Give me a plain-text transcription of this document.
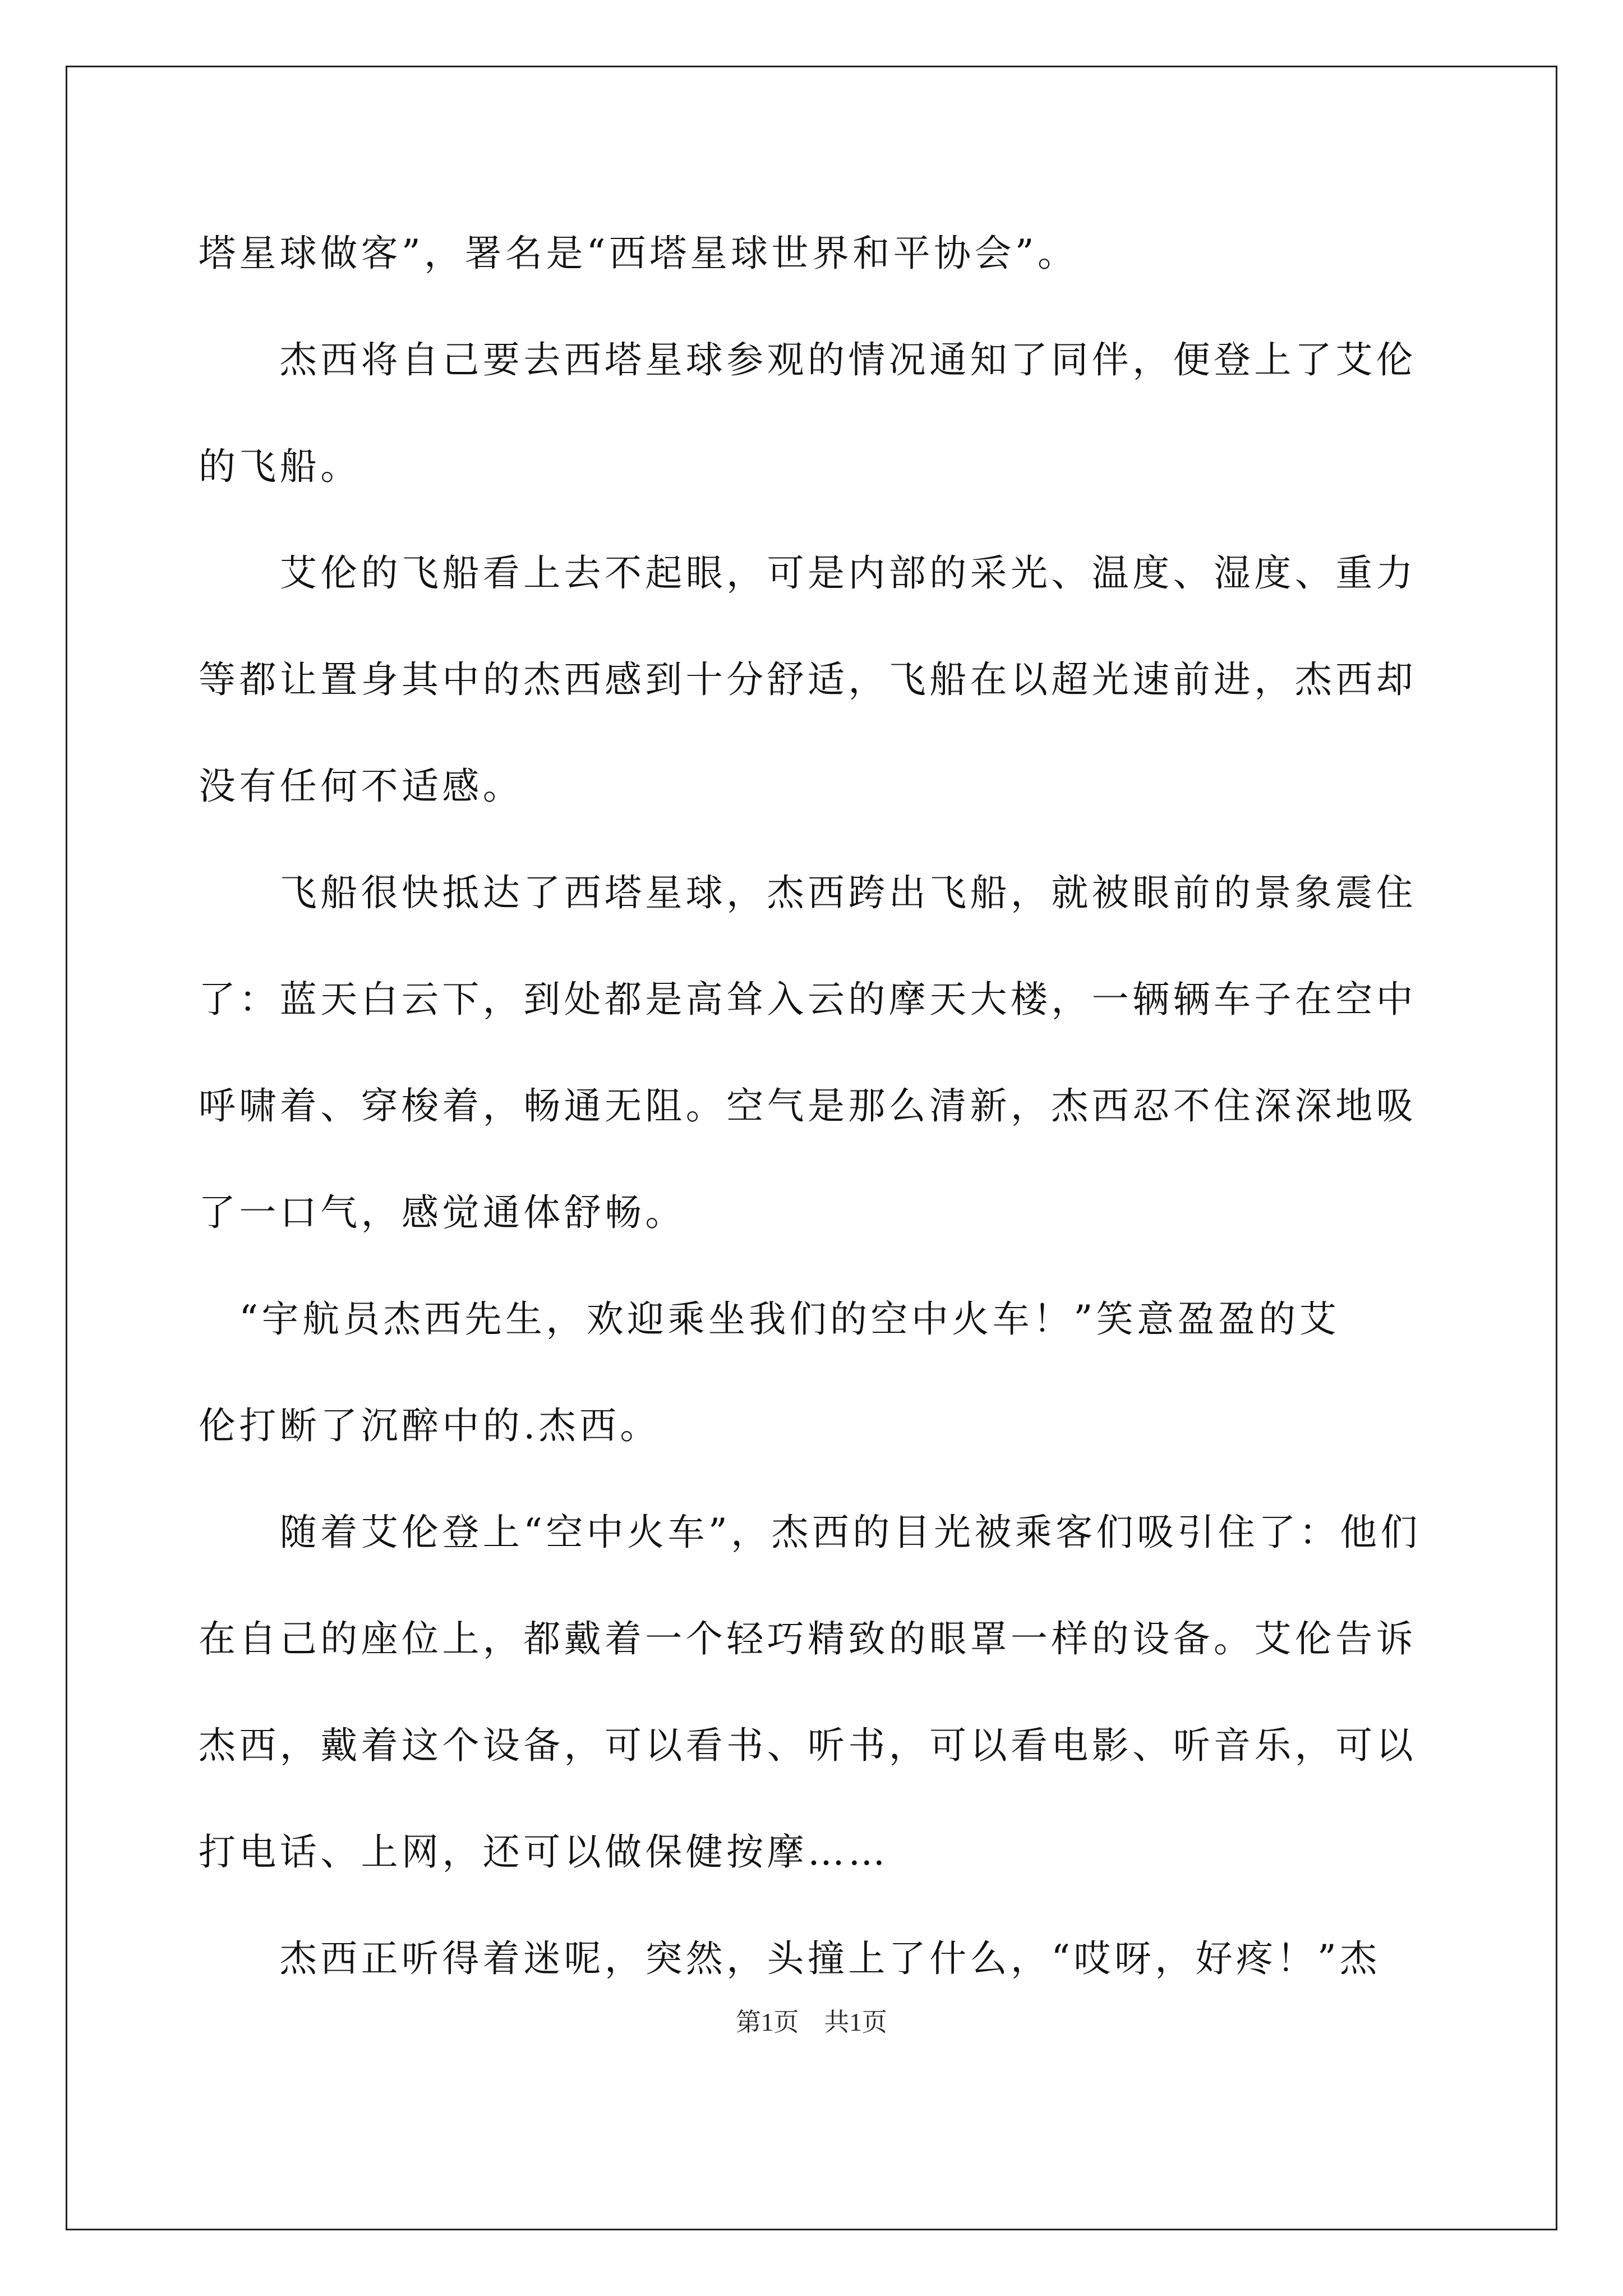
塔星球做客”，署名是“西塔星球世界和平协会”。
　　杰西将自己要去西塔星球参观的情况通知了同伴，便登上了艾伦
的飞船。
　　艾伦的飞船看上去不起眼，可是内部的采光、温度、湿度、重力
等都让置身其中的杰西感到十分舒适，飞船在以超光速前进，杰西却
没有任何不适感。
　　飞船很快抵达了西塔星球，杰西跨出飞船，就被眼前的景象震住
了：蓝天白云下，到处都是高耸入云的摩天大楼，一辆辆车子在空中
呼啸着、穿梭着，畅通无阻。空气是那么清新，杰西忍不住深深地吸
了一口气，感觉通体舒畅。
　“宇航员杰西先生，欢迎乘坐我们的空中火车！”笑意盈盈的艾
伦打断了沉醉中的.杰西。
　　随着艾伦登上“空中火车”，杰西的目光被乘客们吸引住了：他们
在自己的座位上，都戴着一个轻巧精致的眼罩一样的设备。艾伦告诉
杰西，戴着这个设备，可以看书、听书，可以看电影、听音乐，可以
打电话、上网，还可以做保健按摩……
　　杰西正听得着迷呢，突然，头撞上了什么，“哎呀，好疼！”杰
第1页　共1页
